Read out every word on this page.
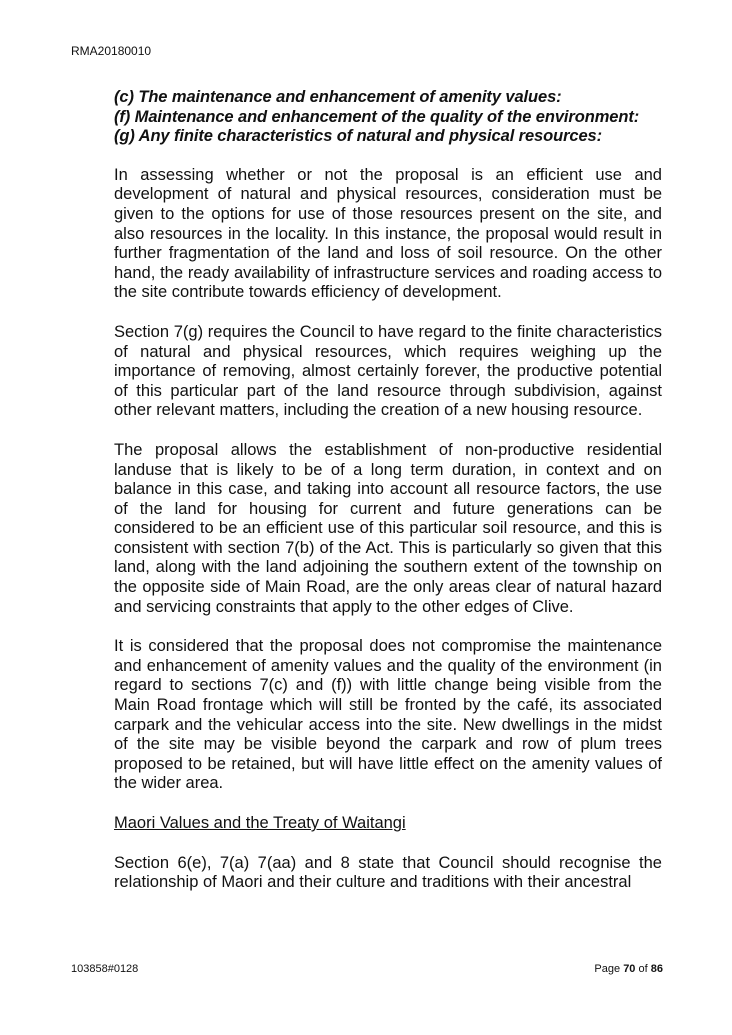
RMA20180010
(c) The maintenance and enhancement of amenity values:
(f) Maintenance and enhancement of the quality of the environment:
(g) Any finite characteristics of natural and physical resources:

In assessing whether or not the proposal is an efficient use and development of natural and physical resources, consideration must be given to the options for use of those resources present on the site, and also resources in the locality. In this instance, the proposal would result in further fragmentation of the land and loss of soil resource. On the other hand, the ready availability of infrastructure services and roading access to the site contribute towards efficiency of development.

Section 7(g) requires the Council to have regard to the finite characteristics of natural and physical resources, which requires weighing up the importance of removing, almost certainly forever, the productive potential of this particular part of the land resource through subdivision, against other relevant matters, including the creation of a new housing resource.

The proposal allows the establishment of non-productive residential landuse that is likely to be of a long term duration, in context and on balance in this case, and taking into account all resource factors, the use of the land for housing for current and future generations can be considered to be an efficient use of this particular soil resource, and this is consistent with section 7(b) of the Act. This is particularly so given that this land, along with the land adjoining the southern extent of the township on the opposite side of Main Road, are the only areas clear of natural hazard and servicing constraints that apply to the other edges of Clive.

It is considered that the proposal does not compromise the maintenance and enhancement of amenity values and the quality of the environment (in regard to sections 7(c) and (f)) with little change being visible from the Main Road frontage which will still be fronted by the café, its associated carpark and the vehicular access into the site. New dwellings in the midst of the site may be visible beyond the carpark and row of plum trees proposed to be retained, but will have little effect on the amenity values of the wider area.

Maori Values and the Treaty of Waitangi

Section 6(e), 7(a) 7(aa) and 8 state that Council should recognise the relationship of Maori and their culture and traditions with their ancestral

103858#0128	Page 70 of 86
